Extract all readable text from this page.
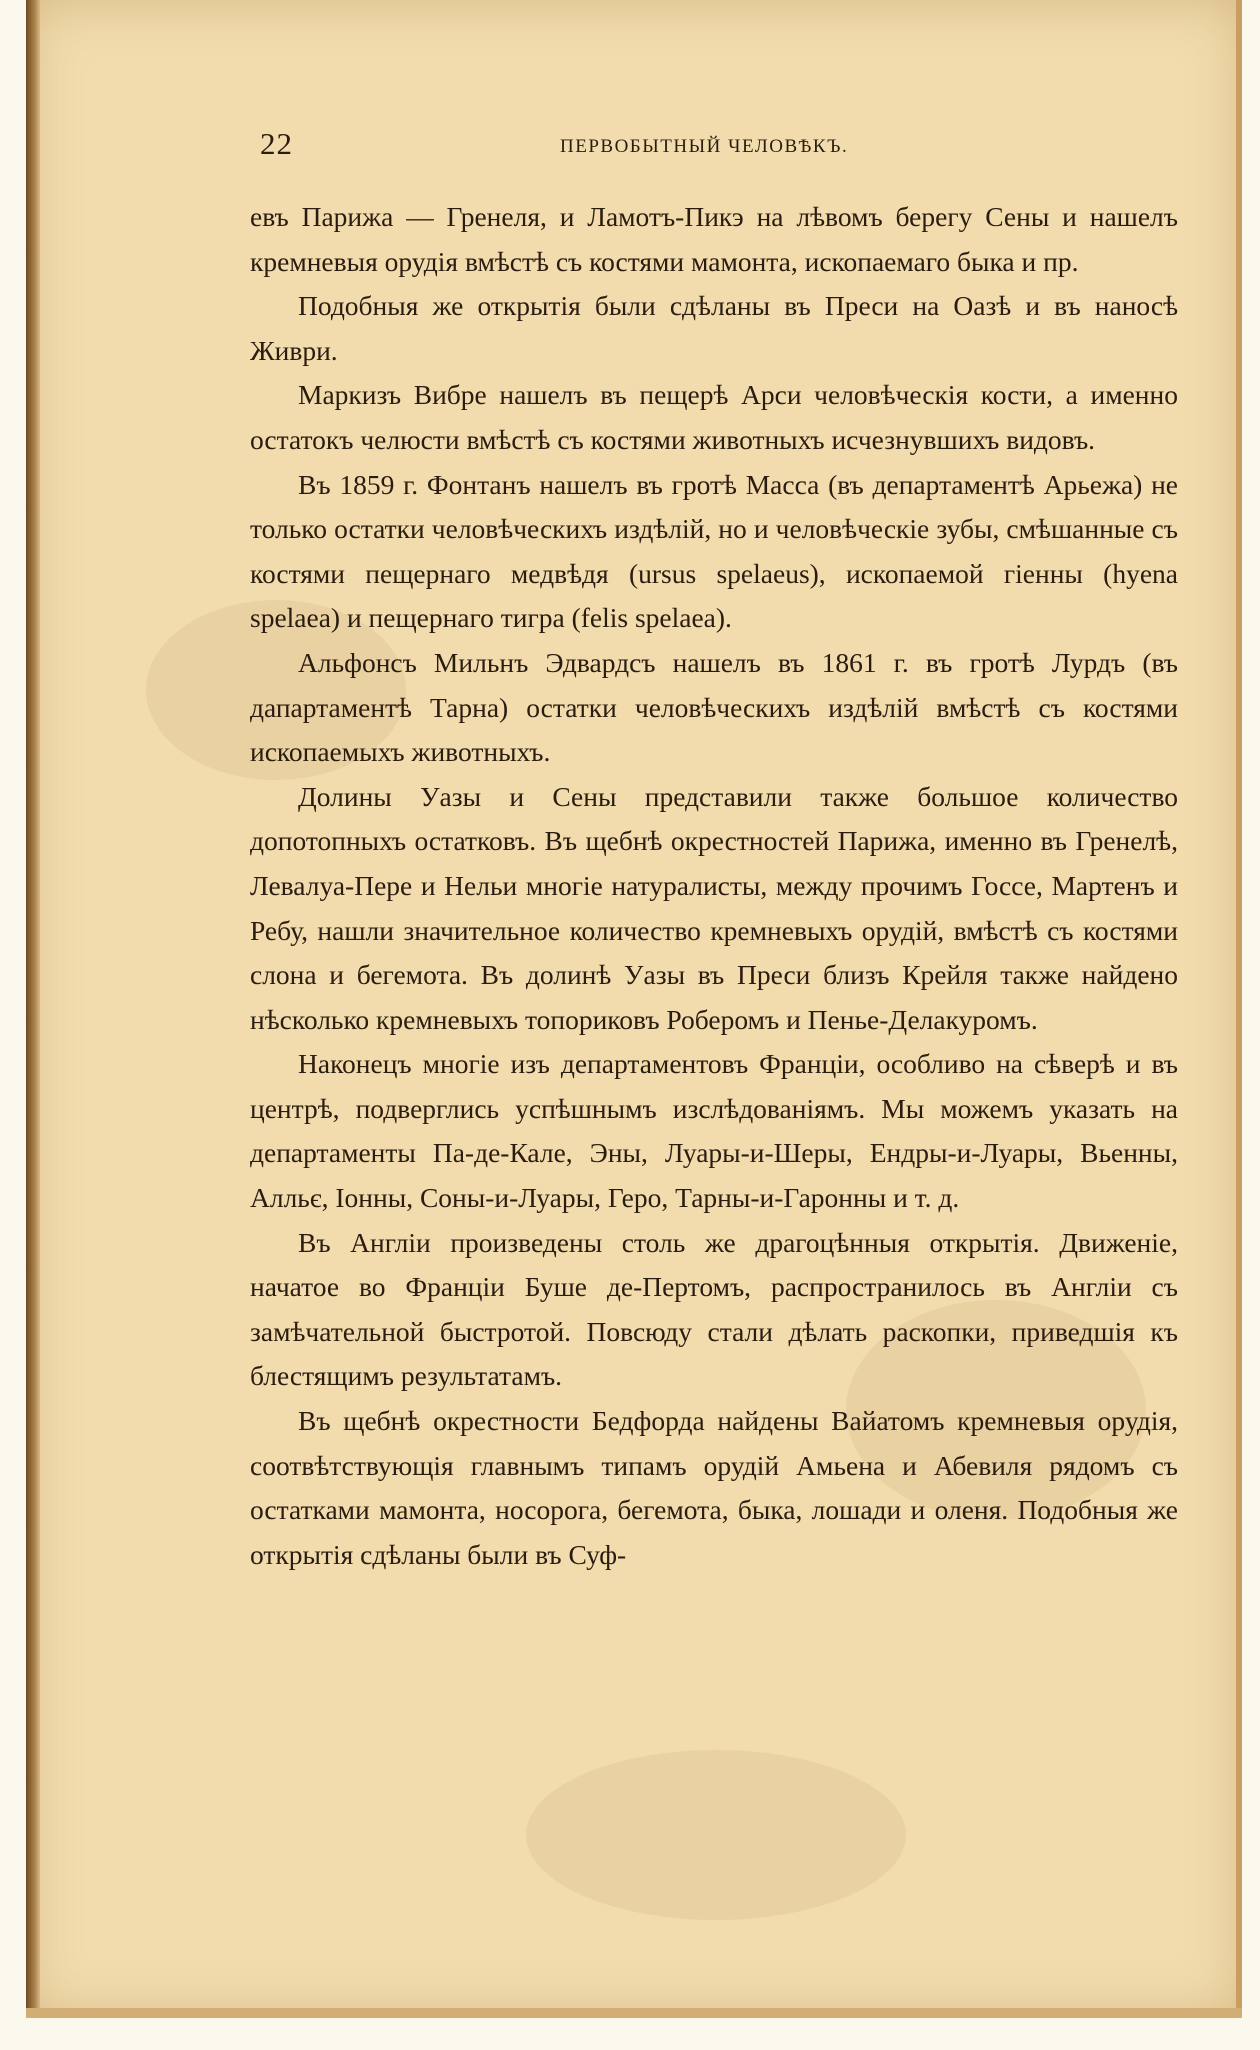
22	ПЕРВОБЫТНЫЙ ЧЕЛОВѢКЪ.

евъ Парижа — Гренеля, и Ламотъ-Пикэ на лѣвомъ берегу Сены и нашелъ кремневыя орудія вмѣстѣ съ костями мамонта, ископаемаго быка и пр.

Подобныя же открытія были сдѣланы въ Преси на Оазѣ и въ наносѣ Живри.

Маркизъ Вибре нашелъ въ пещерѣ Арси человѣческія кости, а именно остатокъ челюсти вмѣстѣ съ костями животныхъ исчезнувшихъ видовъ.

Въ 1859 г. Фонтанъ нашелъ въ гротѣ Масса (въ департаментѣ Арьежа) не только остатки человѣческихъ издѣлій, но и человѣческіе зубы, смѣшанные съ костями пещернаго медвѣдя (ursus spelaeus), ископаемой гіенны (hyena spelaea) и пещернаго тигра (felis spelaea).

Альфонсъ Мильнъ Эдвардсъ нашелъ въ 1861 г. въ гротѣ Лурдъ (въ дапартаментѣ Тарна) остатки человѣческихъ издѣлій вмѣстѣ съ костями ископаемыхъ животныхъ.

Долины Уазы и Сены представили также большое количество допотопныхъ остатковъ. Въ щебнѣ окрестностей Парижа, именно въ Гренелѣ, Левалуа-Пере и Нельи многіе натуралисты, между прочимъ Госсе, Мартенъ и Ребу, нашли значительное количество кремневыхъ орудій, вмѣстѣ съ костями слона и бегемота. Въ долинѣ Уазы въ Преси близъ Крейля также найдено нѣсколько кремневыхъ топориковъ Роберомъ и Пенье-Делакуромъ.

Наконецъ многіе изъ департаментовъ Франціи, особливо на сѣверѣ и въ центрѣ, подверглись успѣшнымъ изслѣдованіямъ. Мы можемъ указать на департаменты Па-де-Кале, Эны, Луары-и-Шеры, Ендры-и-Луары, Вьенны, Алльє, Іонны, Соны-и-Луары, Геро, Тарны-и-Гаронны и т. д.

Въ Англіи произведены столь же драгоцѣнныя открытія. Движеніе, начатое во Франціи Буше де-Пертомъ, распространилось въ Англіи съ замѣчательной быстротой. Повсюду стали дѣлать раскопки, приведшія къ блестящимъ результатамъ.

Въ щебнѣ окрестности Бедфорда найдены Вайатомъ кремневыя орудія, соотвѣтствующія главнымъ типамъ орудій Амьена и Абевиля рядомъ съ остатками мамонта, носорога, бегемота, быка, лошади и оленя. Подобныя же открытія сдѣланы были въ Суф-
